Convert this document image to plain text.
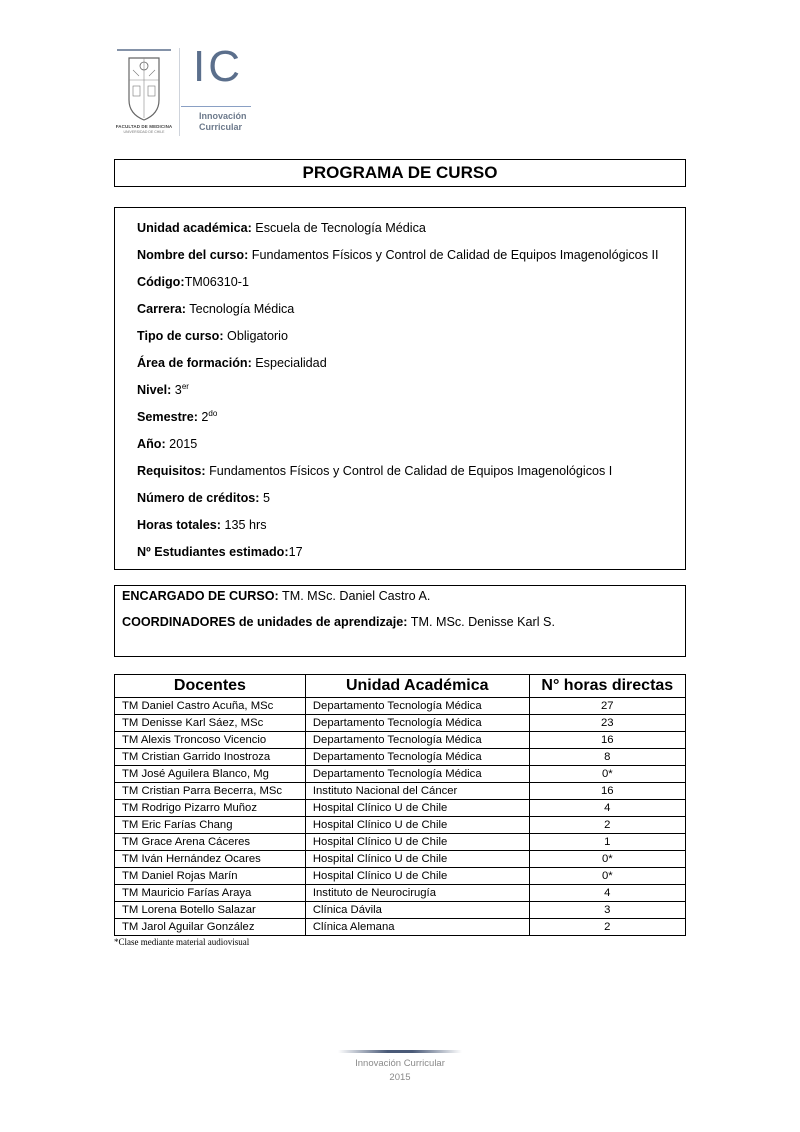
FACULTAD DE MEDICINA
UNIVERSIDAD DE CHILE
IC
Innovación
Curricular
PROGRAMA DE CURSO
Unidad académica: Escuela de Tecnología Médica
Nombre del curso: Fundamentos Físicos y Control de Calidad de Equipos Imagenológicos II
Código:TM06310-1
Carrera: Tecnología Médica
Tipo de curso: Obligatorio
Área de formación: Especialidad
Nivel: 3er
Semestre: $2^{do}$
Año: 2015
Requisitos: Fundamentos Físicos y Control de Calidad de Equipos Imagenológicos I
Número de créditos: 5
Horas totales: 135 hrs
Nº Estudiantes estimado:17
ENCARGADO DE CURSO: TM. MSc. Daniel Castro A.
COORDINADORES de unidades de aprendizaje: TM. MSc. Denisse Karl S.
Docentes	Unidad Académica	N° horas directas
TM Daniel Castro Acuña, MSc	Departamento Tecnología Médica	27
TM Denisse Karl Sáez, MSc	Departamento Tecnología Médica	23
TM Alexis Troncoso Vicencio	Departamento Tecnología Médica	16
TM Cristian Garrido Inostroza	Departamento Tecnología Médica	8
TM José Aguilera Blanco, Mg	Departamento Tecnología Médica	0*
TM Cristian Parra Becerra, MSc	Instituto Nacional del Cáncer	16
TM Rodrigo Pizarro Muñoz	Hospital Clínico U de Chile	4
TM Eric Farías Chang	Hospital Clínico U de Chile	2
TM Grace Arena Cáceres	Hospital Clínico U de Chile	1
TM Iván Hernández Ocares	Hospital Clínico U de Chile	0*
TM Daniel Rojas Marín	Hospital Clínico U de Chile	0*
TM Mauricio Farías Araya	Instituto de Neurocirugía	4
TM Lorena Botello Salazar	Clínica Dávila	3
TM Jarol Aguilar González	Clínica Alemana	2
*Clase mediante material audiovisual
Innovación Curricular
2015
